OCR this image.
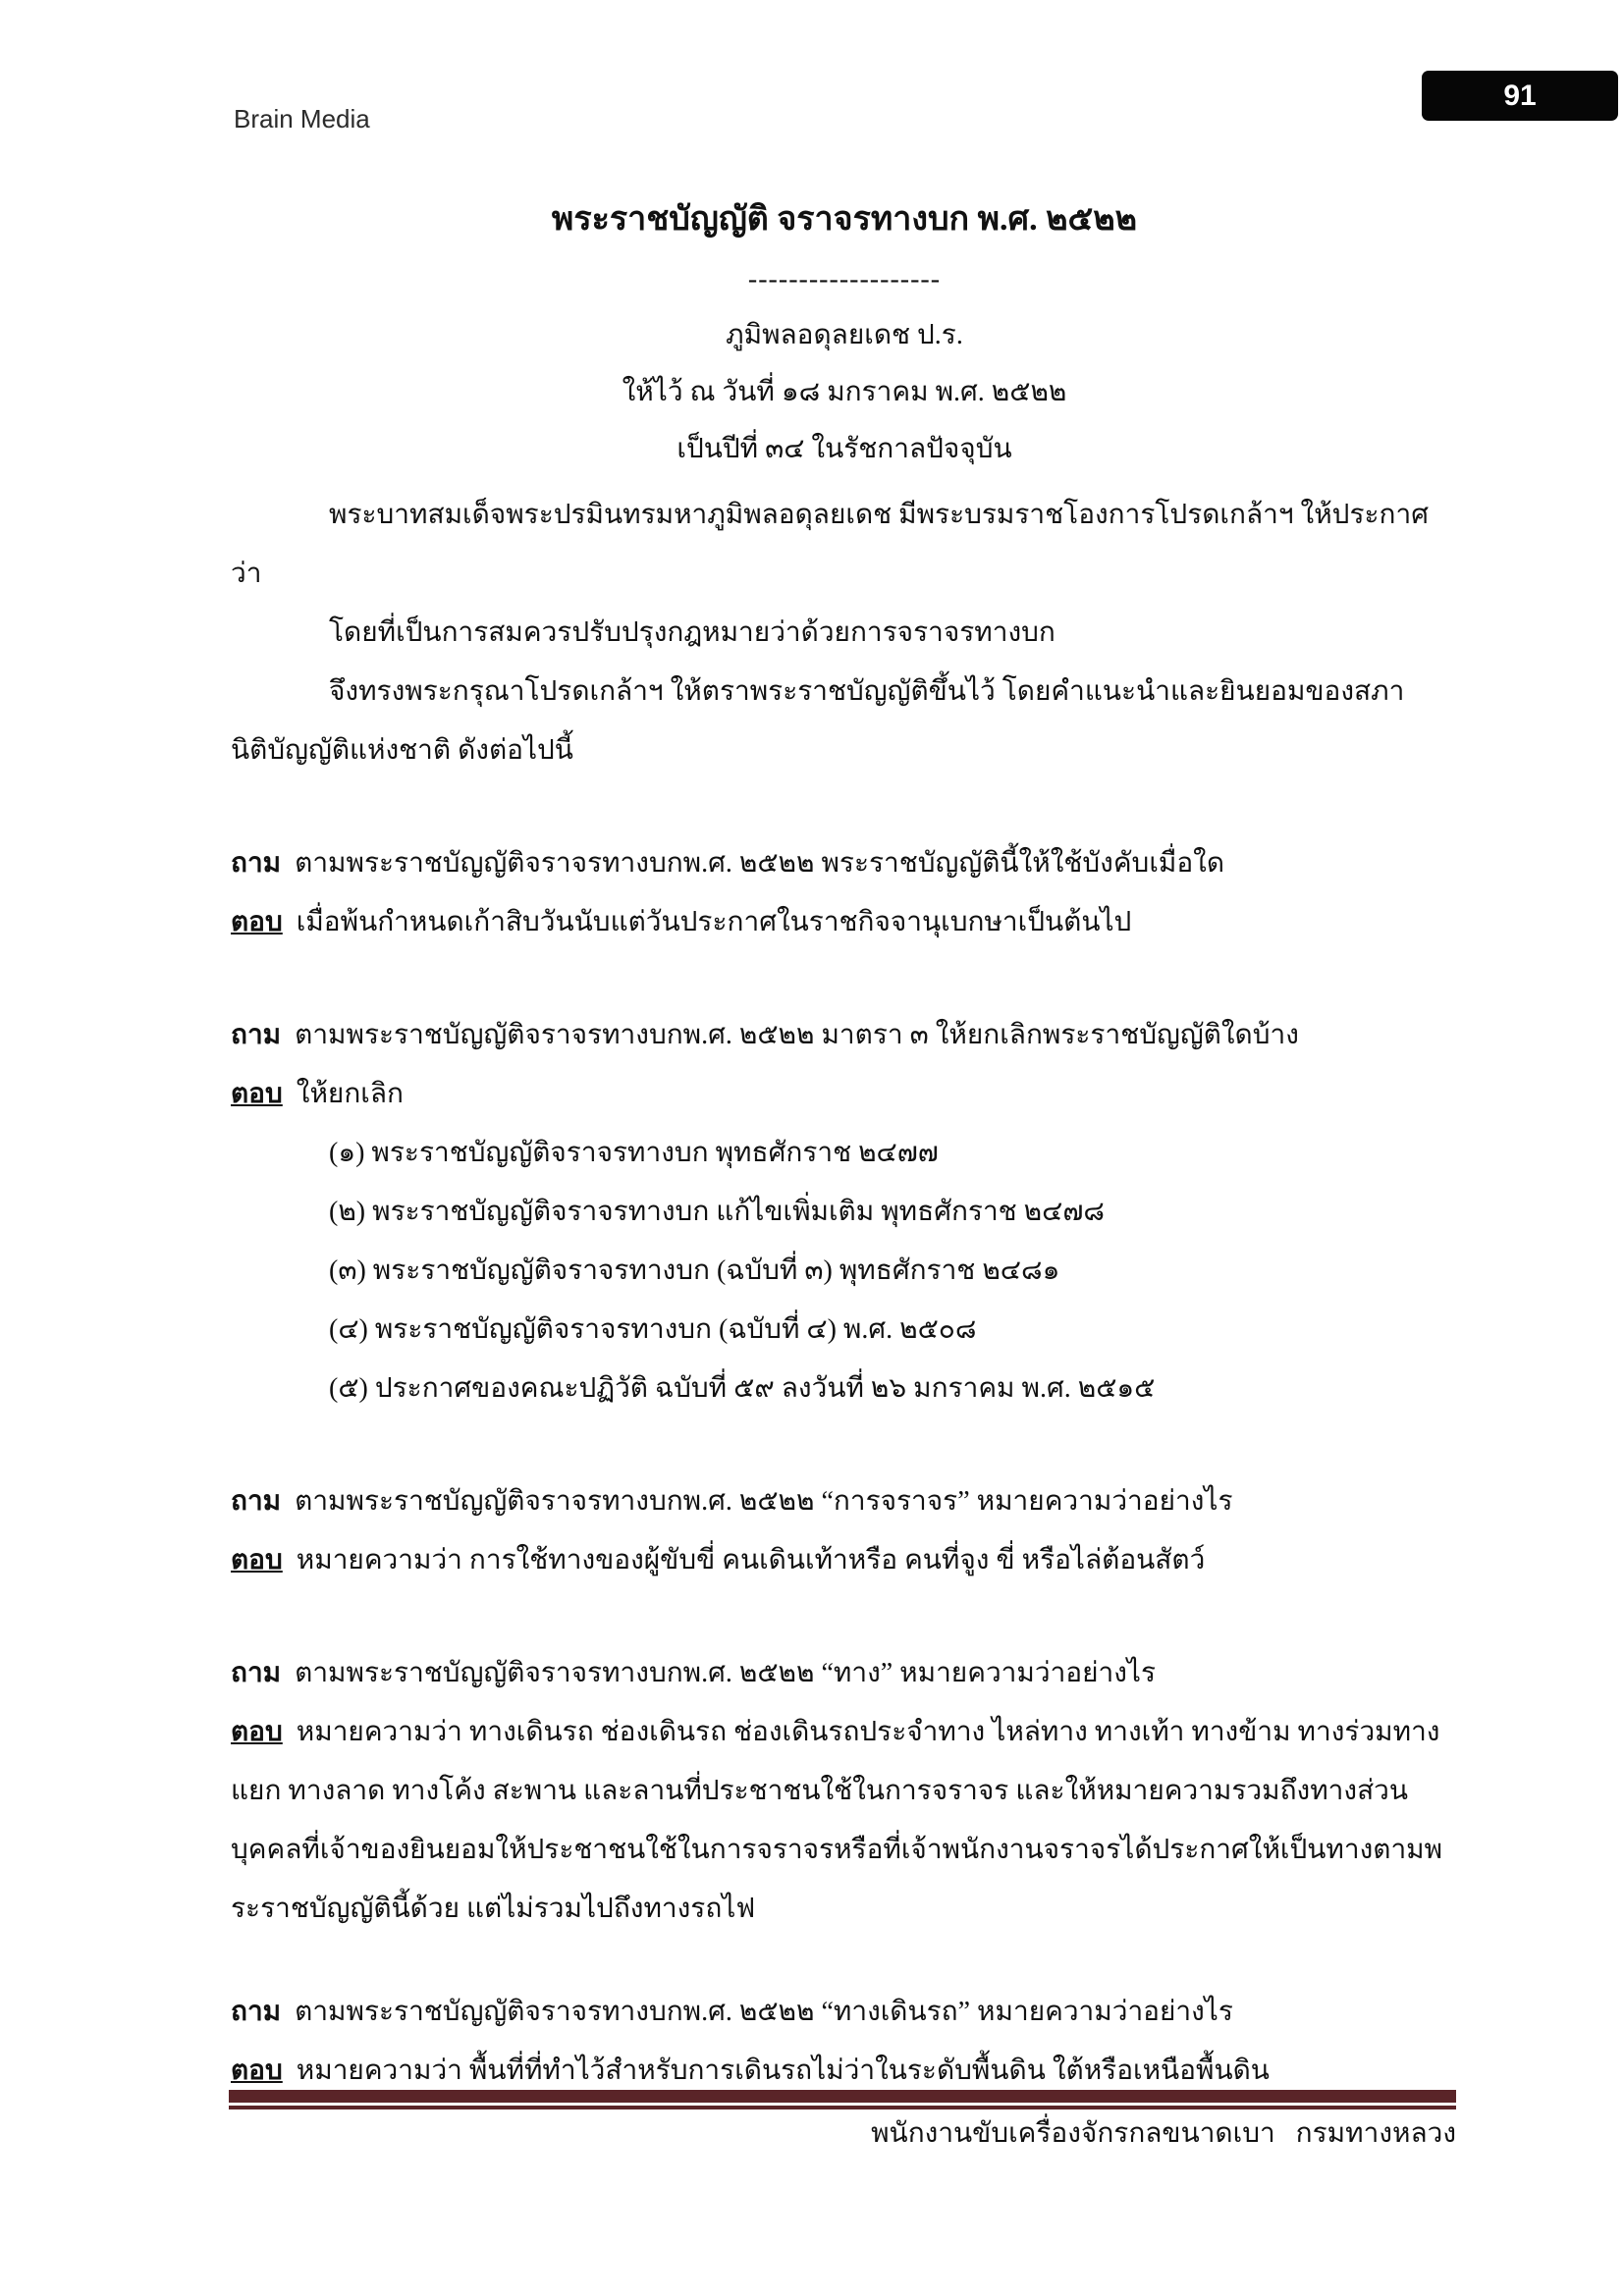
Brain Media
91
พระราชบัญญัติ จราจรทางบก พ.ศ. ๒๕๒๒
-------------------
ภูมิพลอดุลยเดช ป.ร.
ให้ไว้ ณ วันที่ ๑๘ มกราคม พ.ศ. ๒๕๒๒
เป็นปีที่ ๓๔ ในรัชกาลปัจจุบัน

พระบาทสมเด็จพระปรมินทรมหาภูมิพลอดุลยเดช มีพระบรมราชโองการโปรดเกล้าฯ ให้ประกาศว่า

โดยที่เป็นการสมควรปรับปรุงกฎหมายว่าด้วยการจราจรทางบก

จึงทรงพระกรุณาโปรดเกล้าฯ ให้ตราพระราชบัญญัติขึ้นไว้ โดยคำแนะนำและยินยอมของสภานิติบัญญัติแห่งชาติ ดังต่อไปนี้

ถาม ตามพระราชบัญญัติจราจรทางบกพ.ศ. ๒๕๒๒ พระราชบัญญัตินี้ให้ใช้บังคับเมื่อใด
ตอบ เมื่อพ้นกำหนดเก้าสิบวันนับแต่วันประกาศในราชกิจจานุเบกษาเป็นต้นไป
ถาม ตามพระราชบัญญัติจราจรทางบกพ.ศ. ๒๕๒๒ มาตรา ๓ ให้ยกเลิกพระราชบัญญัติใดบ้าง
ตอบ ให้ยกเลิก
(๑) พระราชบัญญัติจราจรทางบก พุทธศักราช ๒๔๗๗
(๒) พระราชบัญญัติจราจรทางบก แก้ไขเพิ่มเติม พุทธศักราช ๒๔๗๘
(๓) พระราชบัญญัติจราจรทางบก (ฉบับที่ ๓) พุทธศักราช ๒๔๘๑
(๔) พระราชบัญญัติจราจรทางบก (ฉบับที่ ๔) พ.ศ. ๒๕๐๘
(๕) ประกาศของคณะปฏิวัติ ฉบับที่ ๕๙ ลงวันที่ ๒๖ มกราคม พ.ศ. ๒๕๑๕
ถาม ตามพระราชบัญญัติจราจรทางบกพ.ศ. ๒๕๒๒ “การจราจร” หมายความว่าอย่างไร
ตอบ หมายความว่า การใช้ทางของผู้ขับขี่ คนเดินเท้าหรือ คนที่จูง ขี่ หรือไล่ต้อนสัตว์
ถาม ตามพระราชบัญญัติจราจรทางบกพ.ศ. ๒๕๒๒ “ทาง” หมายความว่าอย่างไร
ตอบ หมายความว่า ทางเดินรถ ช่องเดินรถ ช่องเดินรถประจำทาง ไหล่ทาง ทางเท้า ทางข้าม ทางร่วมทางแยก ทางลาด ทางโค้ง สะพาน และลานที่ประชาชนใช้ในการจราจร และให้หมายความรวมถึงทางส่วนบุคคลที่เจ้าของยินยอมให้ประชาชนใช้ในการจราจรหรือที่เจ้าพนักงานจราจรได้ประกาศให้เป็นทางตามพระราชบัญญัตินี้ด้วย แต่ไม่รวมไปถึงทางรถไฟ
ถาม ตามพระราชบัญญัติจราจรทางบกพ.ศ. ๒๕๒๒ “ทางเดินรถ” หมายความว่าอย่างไร
ตอบ หมายความว่า พื้นที่ที่ทำไว้สำหรับการเดินรถไม่ว่าในระดับพื้นดิน ใต้หรือเหนือพื้นดิน
พนักงานขับเครื่องจักรกลขนาดเบา   กรมทางหลวง
